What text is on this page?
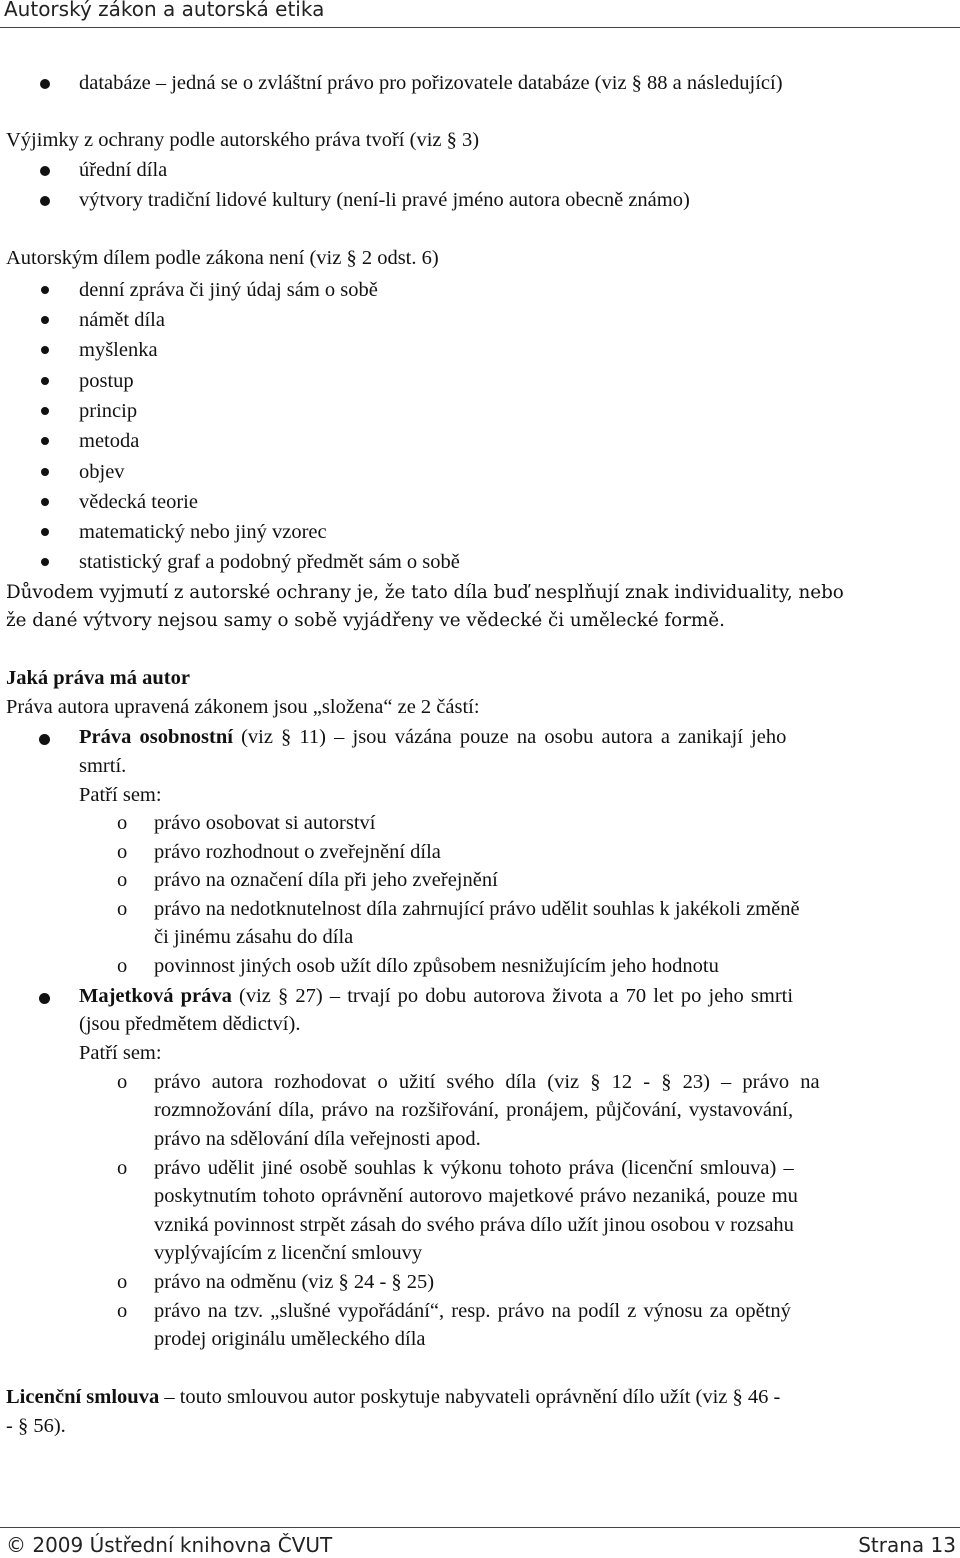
Autorský zákon a autorská etika

databáze – jedná se o zvláštní právo pro pořizovatele databáze (viz § 88 a následující)

Výjimky z ochrany podle autorského práva tvoří (viz § 3)

úřední díla

výtvory tradiční lidové kultury (není-li pravé jméno autora obecně známo)

Autorským dílem podle zákona není (viz § 2 odst. 6)

denní zpráva či jiný údaj sám o sobě

námět díla

myšlenka

postup

princip

metoda

objev

vědecká teorie

matematický nebo jiný vzorec

statistický graf a podobný předmět sám o sobě

Důvodem vyjmutí z autorské ochrany je, že tato díla buď nesplňují znak individuality, nebo

že dané výtvory nejsou samy o sobě vyjádřeny ve vědecké či umělecké formě.

Jaká práva má autor

Práva autora upravená zákonem jsou „složena“ ze 2 částí:

Práva osobnostní (viz § 11) – jsou vázána pouze na osobu autora a zanikají jeho

smrtí.

Patří sem:

o právo osobovat si autorství

o právo rozhodnout o zveřejnění díla

o právo na označení díla při jeho zveřejnění

o právo na nedotknutelnost díla zahrnující právo udělit souhlas k jakékoli změně

či jinému zásahu do díla

o povinnost jiných osob užít dílo způsobem nesnižujícím jeho hodnotu

Majetková práva (viz § 27) – trvají po dobu autorova života a 70 let po jeho smrti

(jsou předmětem dědictví).

Patří sem:

o právo autora rozhodovat o užití svého díla (viz § 12 - § 23) – právo na

rozmnožování díla, právo na rozšiřování, pronájem, půjčování, vystavování,

právo na sdělování díla veřejnosti apod.

o právo udělit jiné osobě souhlas k výkonu tohoto práva (licenční smlouva) –

poskytnutím tohoto oprávnění autorovo majetkové právo nezaniká, pouze mu

vzniká povinnost strpět zásah do svého práva dílo užít jinou osobou v rozsahu

vyplývajícím z licenční smlouvy

o právo na odměnu (viz § 24 - § 25)

o právo na tzv. „slušné vypořádání“, resp. právo na podíl z výnosu za opětný

prodej originálu uměleckého díla

Licenční smlouva – touto smlouvou autor poskytuje nabyvateli oprávnění dílo užít (viz § 46 -

- § 56).

© 2009 Ústřední knihovna ČVUT	Strana 13
